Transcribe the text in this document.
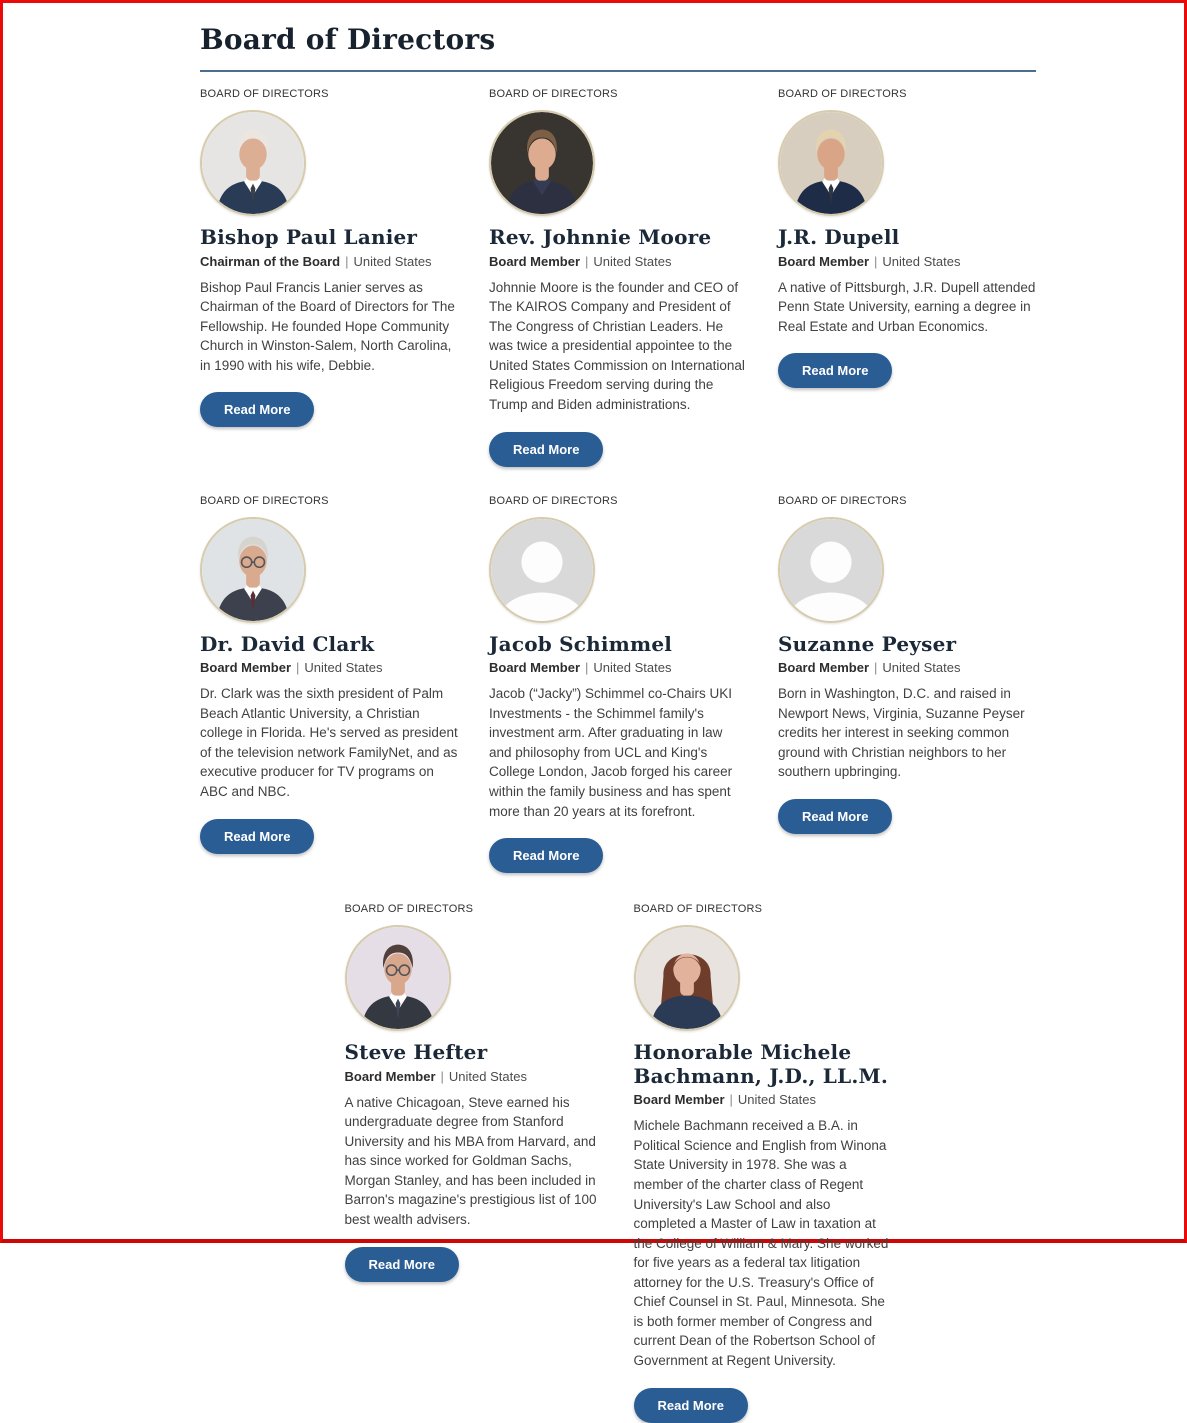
Board of Directors
BOARD OF DIRECTORS
Bishop Paul Lanier
Chairman of the Board | United States

Bishop Paul Francis Lanier serves as Chairman of the Board of Directors for The Fellowship. He founded Hope Community Church in Winston-Salem, North Carolina, in 1990 with his wife, Debbie.

Read More
BOARD OF DIRECTORS
Rev. Johnnie Moore
Board Member | United States

Johnnie Moore is the founder and CEO of The KAIROS Company and President of The Congress of Christian Leaders. He was twice a presidential appointee to the United States Commission on International Religious Freedom serving during the Trump and Biden administrations.

Read More
BOARD OF DIRECTORS
J.R. Dupell
Board Member | United States

A native of Pittsburgh, J.R. Dupell attended Penn State University, earning a degree in Real Estate and Urban Economics.

Read More
BOARD OF DIRECTORS
Dr. David Clark
Board Member | United States

Dr. Clark was the sixth president of Palm Beach Atlantic University, a Christian college in Florida. He's served as president of the television network FamilyNet, and as executive producer for TV programs on ABC and NBC.

Read More
BOARD OF DIRECTORS
Jacob Schimmel
Board Member | United States

Jacob (“Jacky”) Schimmel co-Chairs UKI Investments - the Schimmel family's investment arm. After graduating in law and philosophy from UCL and King's College London, Jacob forged his career within the family business and has spent more than 20 years at its forefront.

Read More
BOARD OF DIRECTORS
Suzanne Peyser
Board Member | United States

Born in Washington, D.C. and raised in Newport News, Virginia, Suzanne Peyser credits her interest in seeking common ground with Christian neighbors to her southern upbringing.

Read More
BOARD OF DIRECTORS
Steve Hefter
Board Member | United States

A native Chicagoan, Steve earned his undergraduate degree from Stanford University and his MBA from Harvard, and has since worked for Goldman Sachs, Morgan Stanley, and has been included in Barron's magazine's prestigious list of 100 best wealth advisers.

Read More
BOARD OF DIRECTORS
Honorable Michele Bachmann, J.D., LL.M.
Board Member | United States

Michele Bachmann received a B.A. in Political Science and English from Winona State University in 1978. She was a member of the charter class of Regent University's Law School and also completed a Master of Law in taxation at the College of William & Mary. She worked for five years as a federal tax litigation attorney for the U.S. Treasury's Office of Chief Counsel in St. Paul, Minnesota. She is both former member of Congress and current Dean of the Robertson School of Government at Regent University.

Read More
